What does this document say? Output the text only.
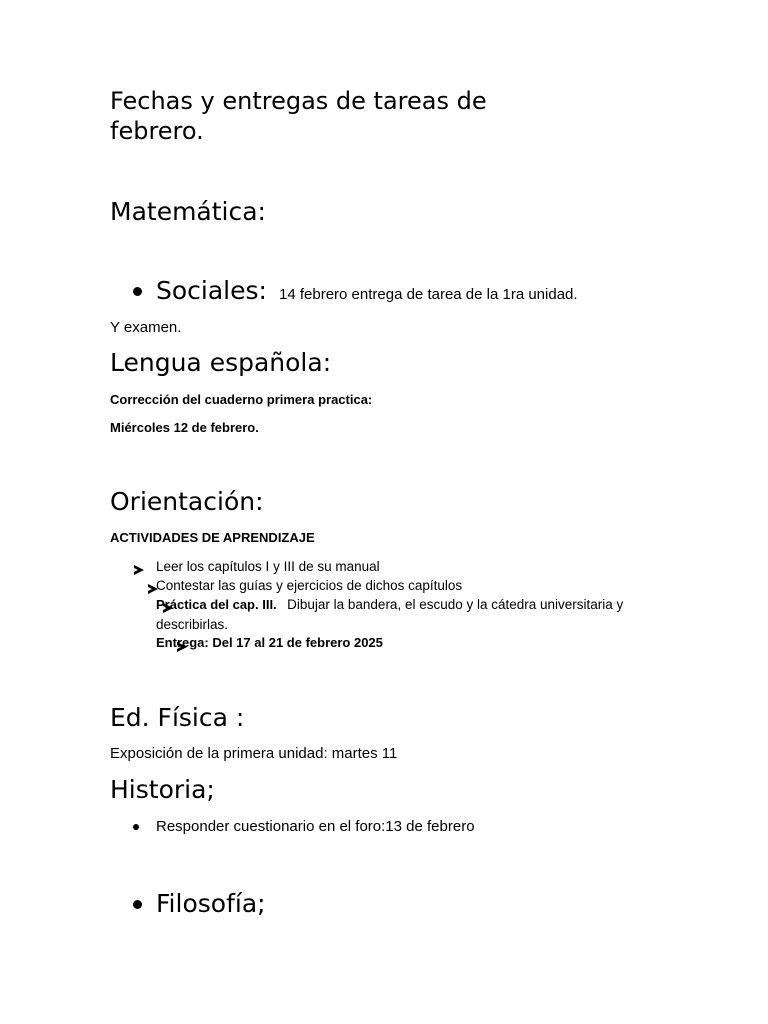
Fechas y entregas de tareas de
febrero.
Matemática:
Sociales: 14 febrero entrega de tarea de la 1ra unidad.
Y examen.
Lengua española:
Corrección del cuaderno primera practica:
Miércoles 12 de febrero.
Orientación:
ACTIVIDADES DE APRENDIZAJE

Leer los capítulos I y III de su manual

Contestar las guías y ejercicios de dichos capítulos

Práctica del cap. III. Dibujar la bandera, el escudo y la cátedra universitaria y
describirlas.
Entrega: Del 17 al 21 de febrero 2025
Ed. Física :
Exposición de la primera unidad: martes 11
Historia;
Responder cuestionario en el foro:13 de febrero
Filosofía;
